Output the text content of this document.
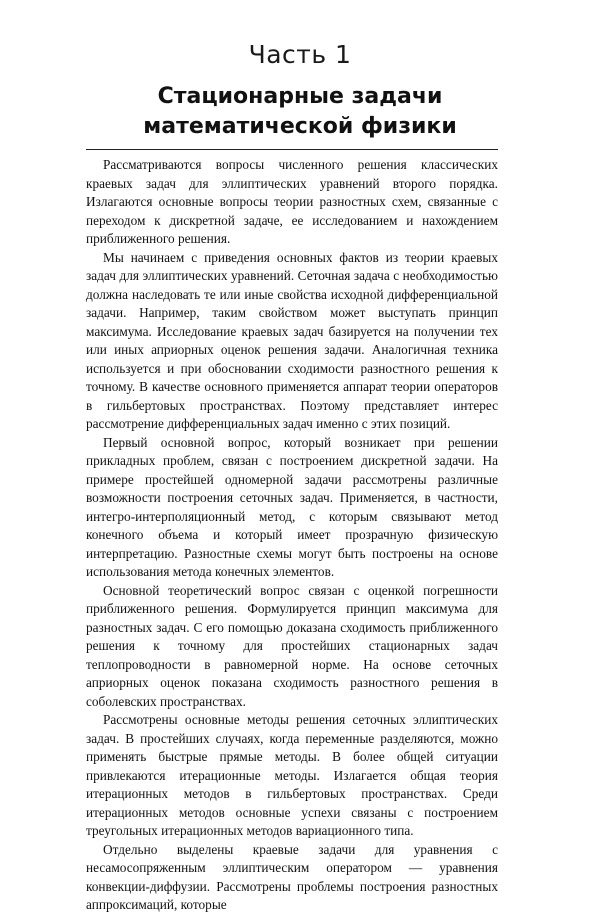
Часть 1
Стационарные задачи
математической физики

Рассматриваются вопросы численного решения классических краевых задач для эллиптических уравнений второго порядка. Излагаются основные вопросы теории разностных схем, связанные с переходом к дискретной задаче, ее исследованием и нахождением приближенного решения.

Мы начинаем с приведения основных фактов из теории краевых задач для эллиптических уравнений. Сеточная задача с необходимостью должна наследовать те или иные свойства исходной дифференциальной задачи. Например, таким свойством может выступать принцип максимума. Исследование краевых задач базируется на получении тех или иных априорных оценок решения задачи. Аналогичная техника используется и при обосновании сходимости разностного решения к точному. В качестве основного применяется аппарат теории операторов в гильбертовых пространствах. Поэтому представляет интерес рассмотрение дифференциальных задач именно с этих позиций.

Первый основной вопрос, который возникает при решении прикладных проблем, связан с построением дискретной задачи. На примере простейшей одномерной задачи рассмотрены различные возможности построения сеточных задач. Применяется, в частности, интегро-интерполяционный метод, с которым связывают метод конечного объема и который имеет прозрачную физическую интерпретацию. Разностные схемы могут быть построены на основе использования метода конечных элементов.

Основной теоретический вопрос связан с оценкой погрешности приближенного решения. Формулируется принцип максимума для разностных задач. С его помощью доказана сходимость приближенного решения к точному для простейших стационарных задач теплопроводности в равномерной норме. На основе сеточных априорных оценок показана сходимость разностного решения в соболевских пространствах.

Рассмотрены основные методы решения сеточных эллиптических задач. В простейших случаях, когда переменные разделяются, можно применять быстрые прямые методы. В более общей ситуации привлекаются итерационные методы. Излагается общая теория итерационных методов в гильбертовых пространствах. Среди итерационных методов основные успехи связаны с построением треугольных итерационных методов вариационного типа.

Отдельно выделены краевые задачи для уравнения с несамосопряженным эллиптическим оператором — уравнения конвекции-диффузии. Рассмотрены проблемы построения разностных аппроксимаций, которые
